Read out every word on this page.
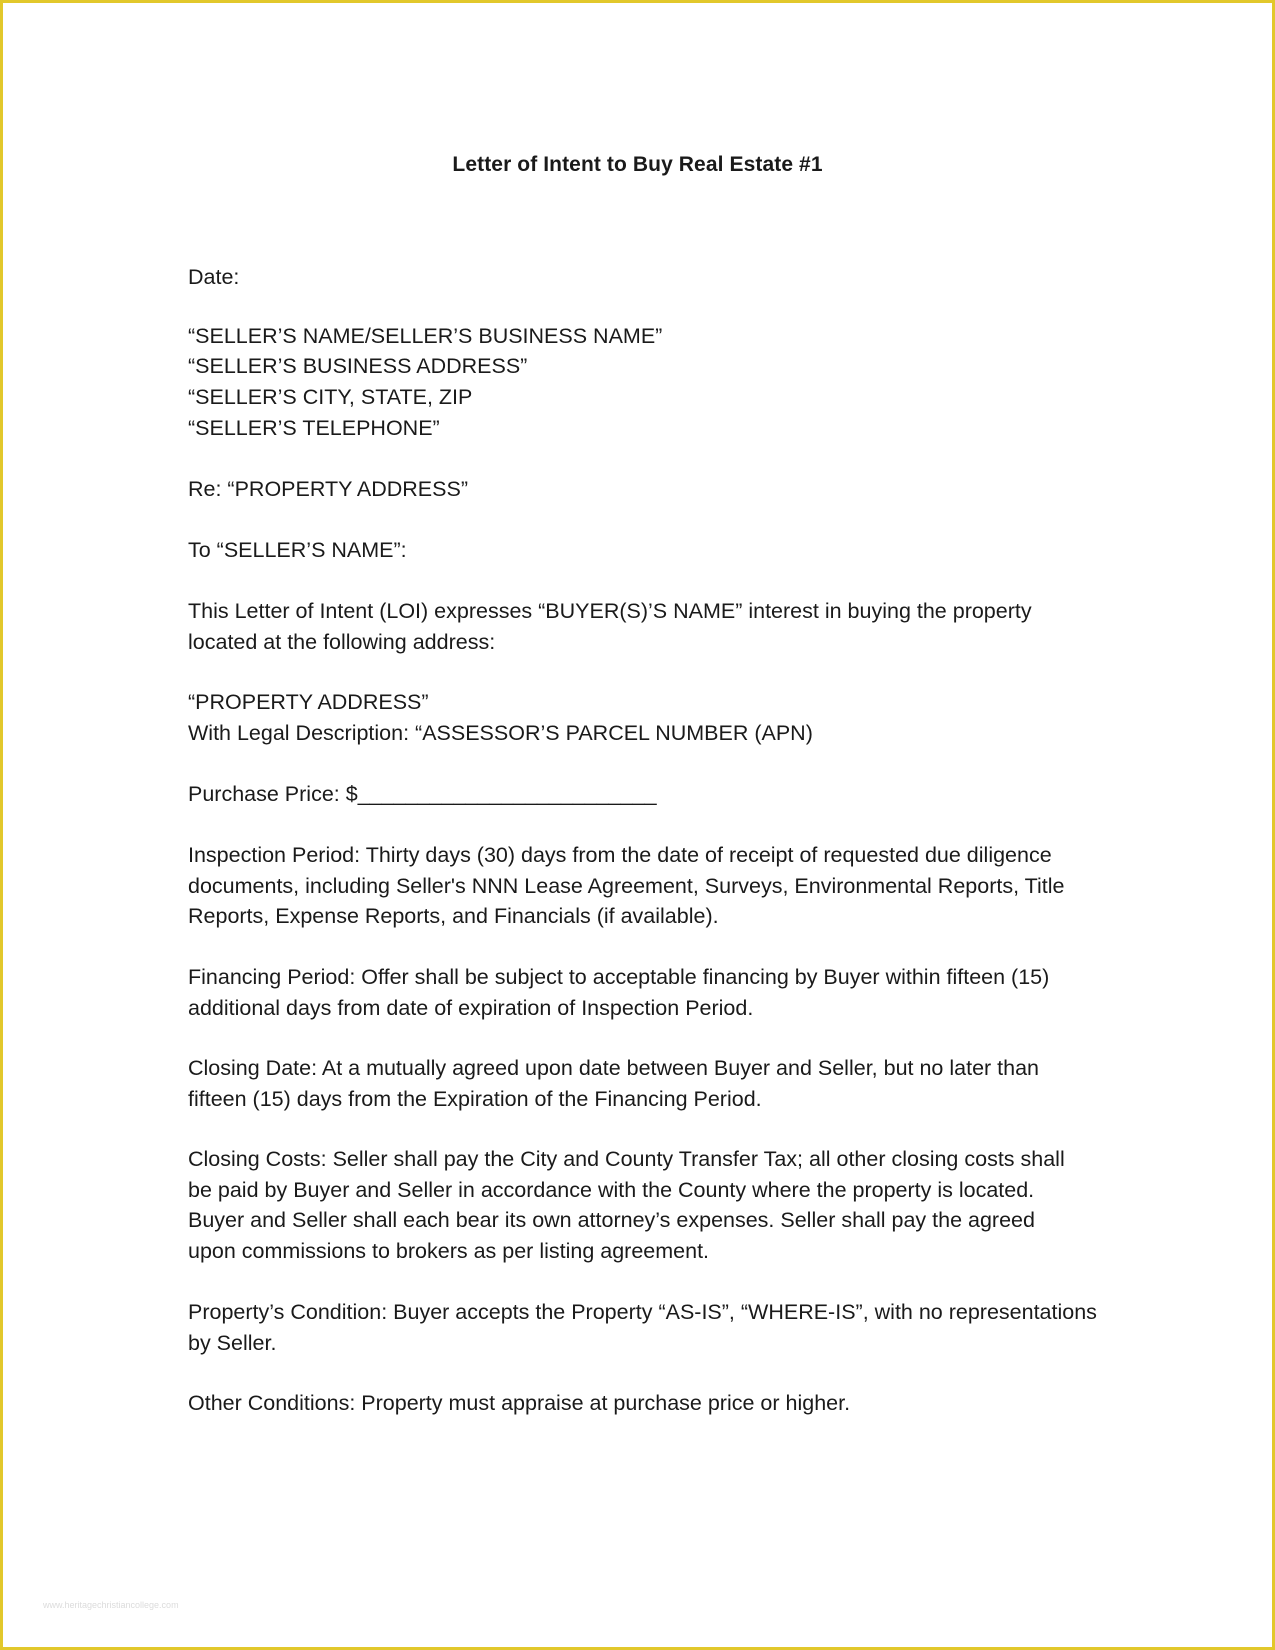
Letter of Intent to Buy Real Estate #1
Date:
“SELLER’S NAME/SELLER’S BUSINESS NAME”
“SELLER’S BUSINESS ADDRESS”
“SELLER’S CITY, STATE, ZIP
“SELLER’S TELEPHONE”
Re: “PROPERTY ADDRESS”
To “SELLER’S NAME”:
This Letter of Intent (LOI) expresses “BUYER(S)’S NAME” interest in buying the property
located at the following address:
“PROPERTY ADDRESS”
With Legal Description: “ASSESSOR’S PARCEL NUMBER (APN)
Purchase Price: $_________________________
Inspection Period: Thirty days (30) days from the date of receipt of requested due diligence
documents, including Seller's NNN Lease Agreement, Surveys, Environmental Reports, Title
Reports, Expense Reports, and Financials (if available).
Financing Period: Offer shall be subject to acceptable financing by Buyer within fifteen (15)
additional days from date of expiration of Inspection Period.
Closing Date: At a mutually agreed upon date between Buyer and Seller, but no later than
fifteen (15) days from the Expiration of the Financing Period.
Closing Costs: Seller shall pay the City and County Transfer Tax; all other closing costs shall
be paid by Buyer and Seller in accordance with the County where the property is located.
Buyer and Seller shall each bear its own attorney’s expenses. Seller shall pay the agreed
upon commissions to brokers as per listing agreement.
Property’s Condition: Buyer accepts the Property “AS-IS”, “WHERE-IS”, with no representations
by Seller.
Other Conditions: Property must appraise at purchase price or higher.
www.heritagechristiancollege.com
